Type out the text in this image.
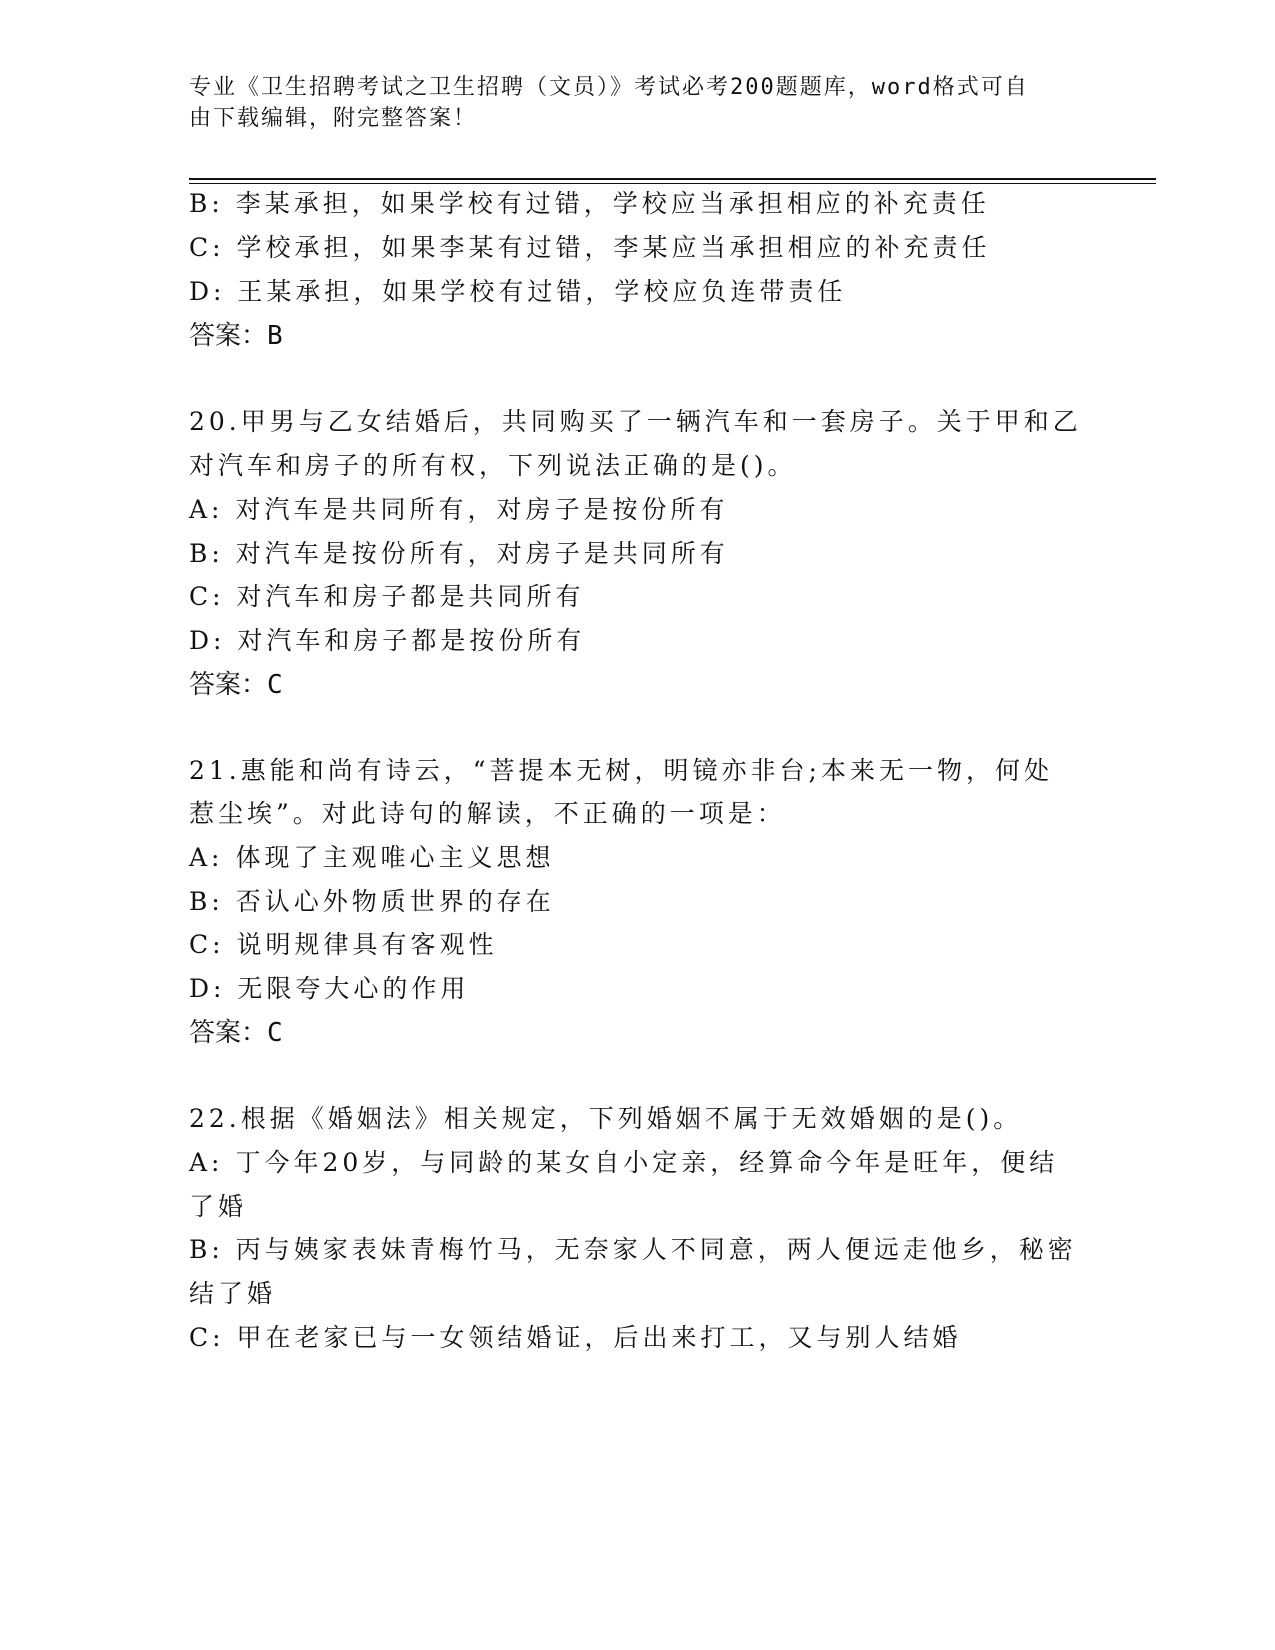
专业《卫生招聘考试之卫生招聘（文员）》考试必考200题题库，word格式可自
由下载编辑，附完整答案！
B: 李某承担，如果学校有过错，学校应当承担相应的补充责任
C: 学校承担，如果李某有过错，李某应当承担相应的补充责任
D: 王某承担，如果学校有过错，学校应负连带责任
答案：B
20.甲男与乙女结婚后，共同购买了一辆汽车和一套房子。关于甲和乙
对汽车和房子的所有权，下列说法正确的是()。
A: 对汽车是共同所有，对房子是按份所有
B: 对汽车是按份所有，对房子是共同所有
C: 对汽车和房子都是共同所有
D: 对汽车和房子都是按份所有
答案：C
21.惠能和尚有诗云，“菩提本无树，明镜亦非台;本来无一物，何处
惹尘埃”。对此诗句的解读，不正确的一项是：
A: 体现了主观唯心主义思想
B: 否认心外物质世界的存在
C: 说明规律具有客观性
D: 无限夸大心的作用
答案：C
22.根据《婚姻法》相关规定，下列婚姻不属于无效婚姻的是()。
A: 丁今年20岁，与同龄的某女自小定亲，经算命今年是旺年，便结
了婚
B: 丙与姨家表妹青梅竹马，无奈家人不同意，两人便远走他乡，秘密
结了婚
C: 甲在老家已与一女领结婚证，后出来打工，又与别人结婚
